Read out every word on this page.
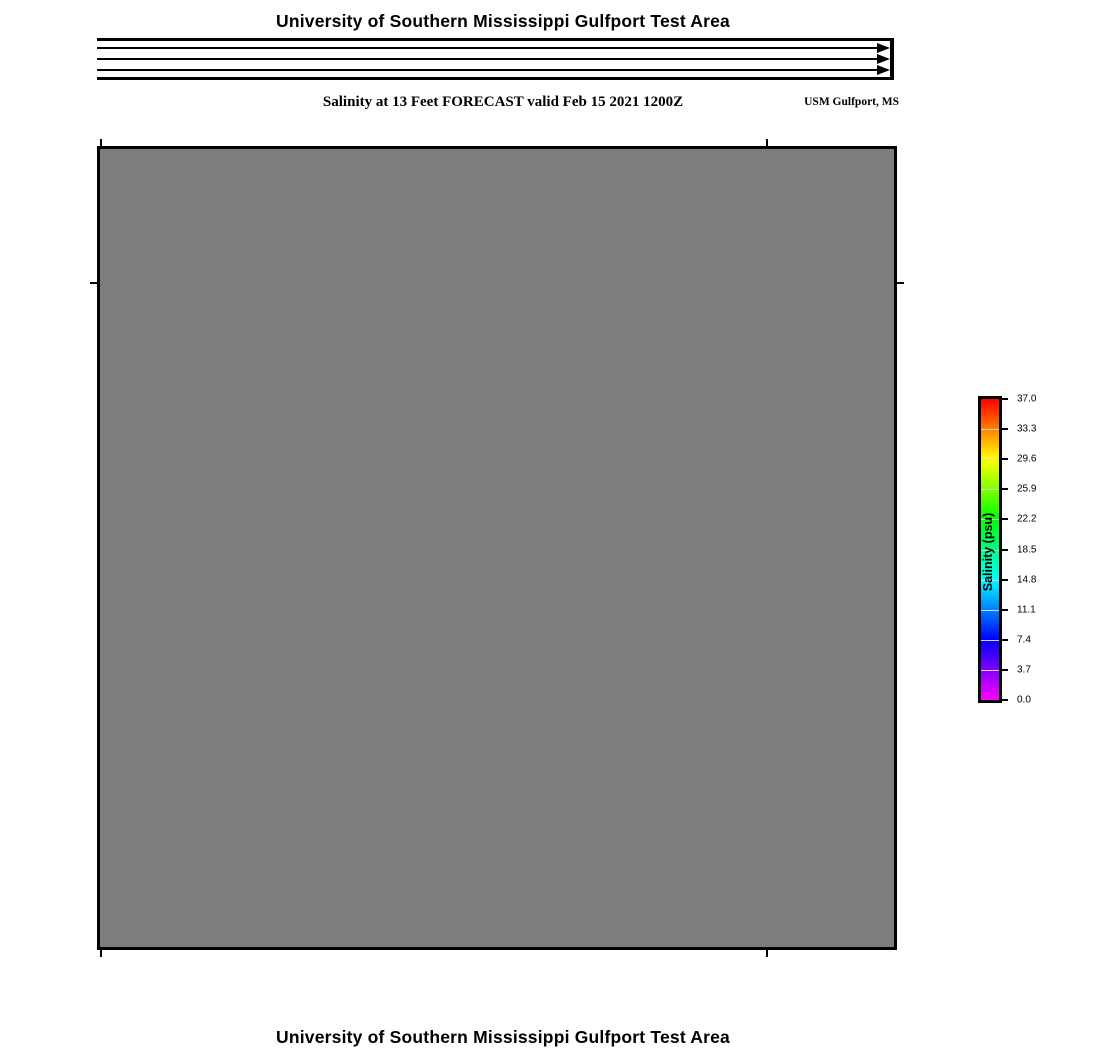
University of Southern Mississippi Gulfport Test Area
Salinity at 13 Feet FORECAST valid Feb 15 2021 1200Z	USM Gulfport, MS
37.0
33.3
29.6
25.9
22.2
18.5
14.8
11.1
7.4
3.7
0.0
Salinity (psu)
University of Southern Mississippi Gulfport Test Area
